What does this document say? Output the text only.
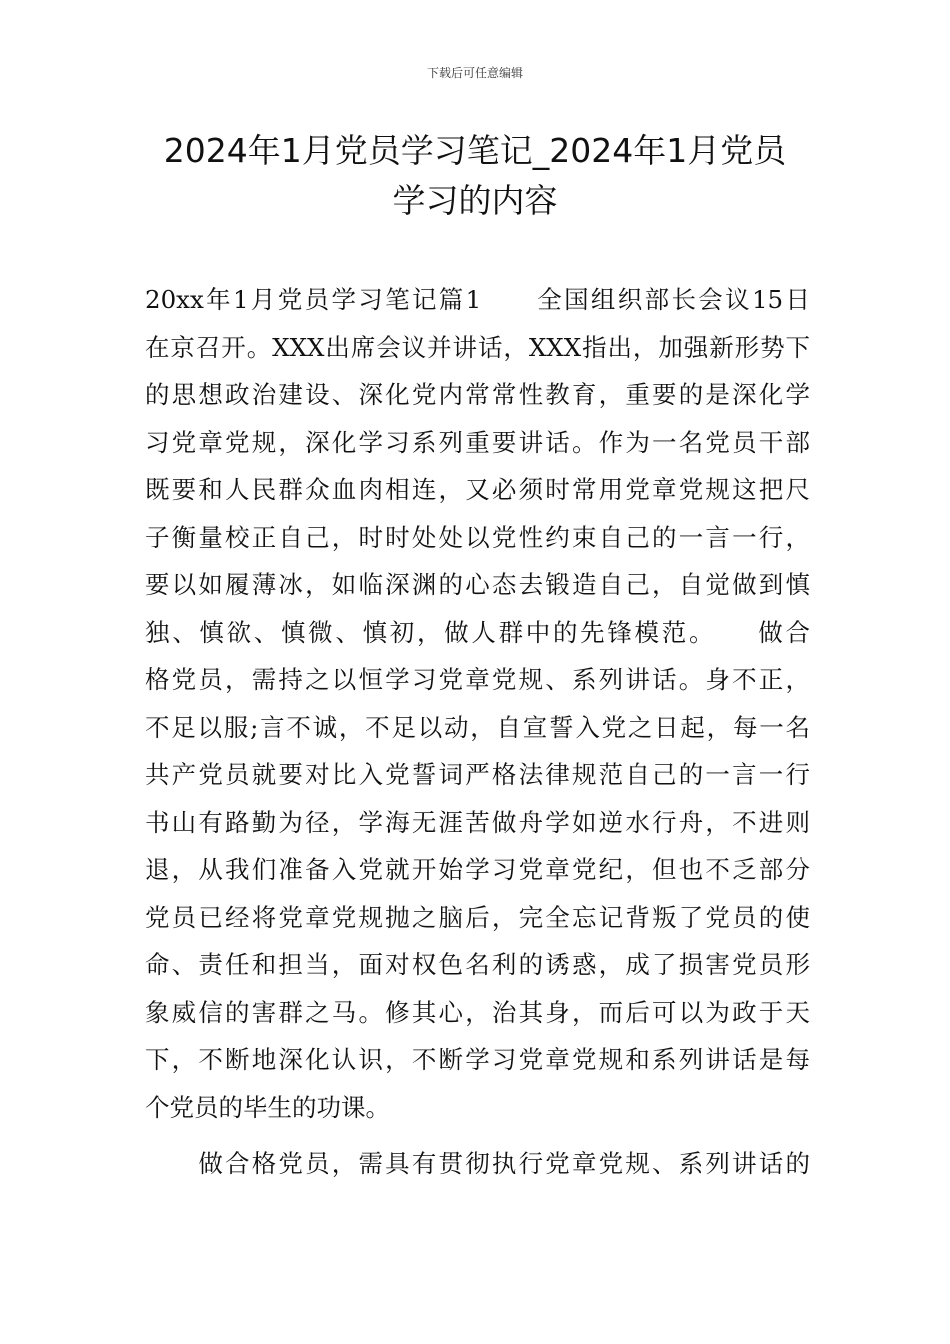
下载后可任意编辑
2024年1月党员学习笔记_2024年1月党员
学习的内容
20xx年1月党员学习笔记篇1　　全国组织部长会议15日
在京召开。XXX出席会议并讲话，XXX指出，加强新形势下
的思想政治建设、深化党内常常性教育，重要的是深化学
习党章党规，深化学习系列重要讲话。作为一名党员干部
既要和人民群众血肉相连，又必须时常用党章党规这把尺
子衡量校正自己，时时处处以党性约束自己的一言一行，
要以如履薄冰，如临深渊的心态去锻造自己，自觉做到慎
独、慎欲、慎微、慎初，做人群中的先锋模范。　　做合
格党员，需持之以恒学习党章党规、系列讲话。身不正，
不足以服;言不诚，不足以动，自宣誓入党之日起，每一名
共产党员就要对比入党誓词严格法律规范自己的一言一行
书山有路勤为径，学海无涯苦做舟学如逆水行舟，不进则
退，从我们准备入党就开始学习党章党纪，但也不乏部分
党员已经将党章党规抛之脑后，完全忘记背叛了党员的使
命、责任和担当，面对权色名利的诱惑，成了损害党员形
象威信的害群之马。修其心，治其身，而后可以为政于天
下，不断地深化认识，不断学习党章党规和系列讲话是每
个党员的毕生的功课。
　　做合格党员，需具有贯彻执行党章党规、系列讲话的
